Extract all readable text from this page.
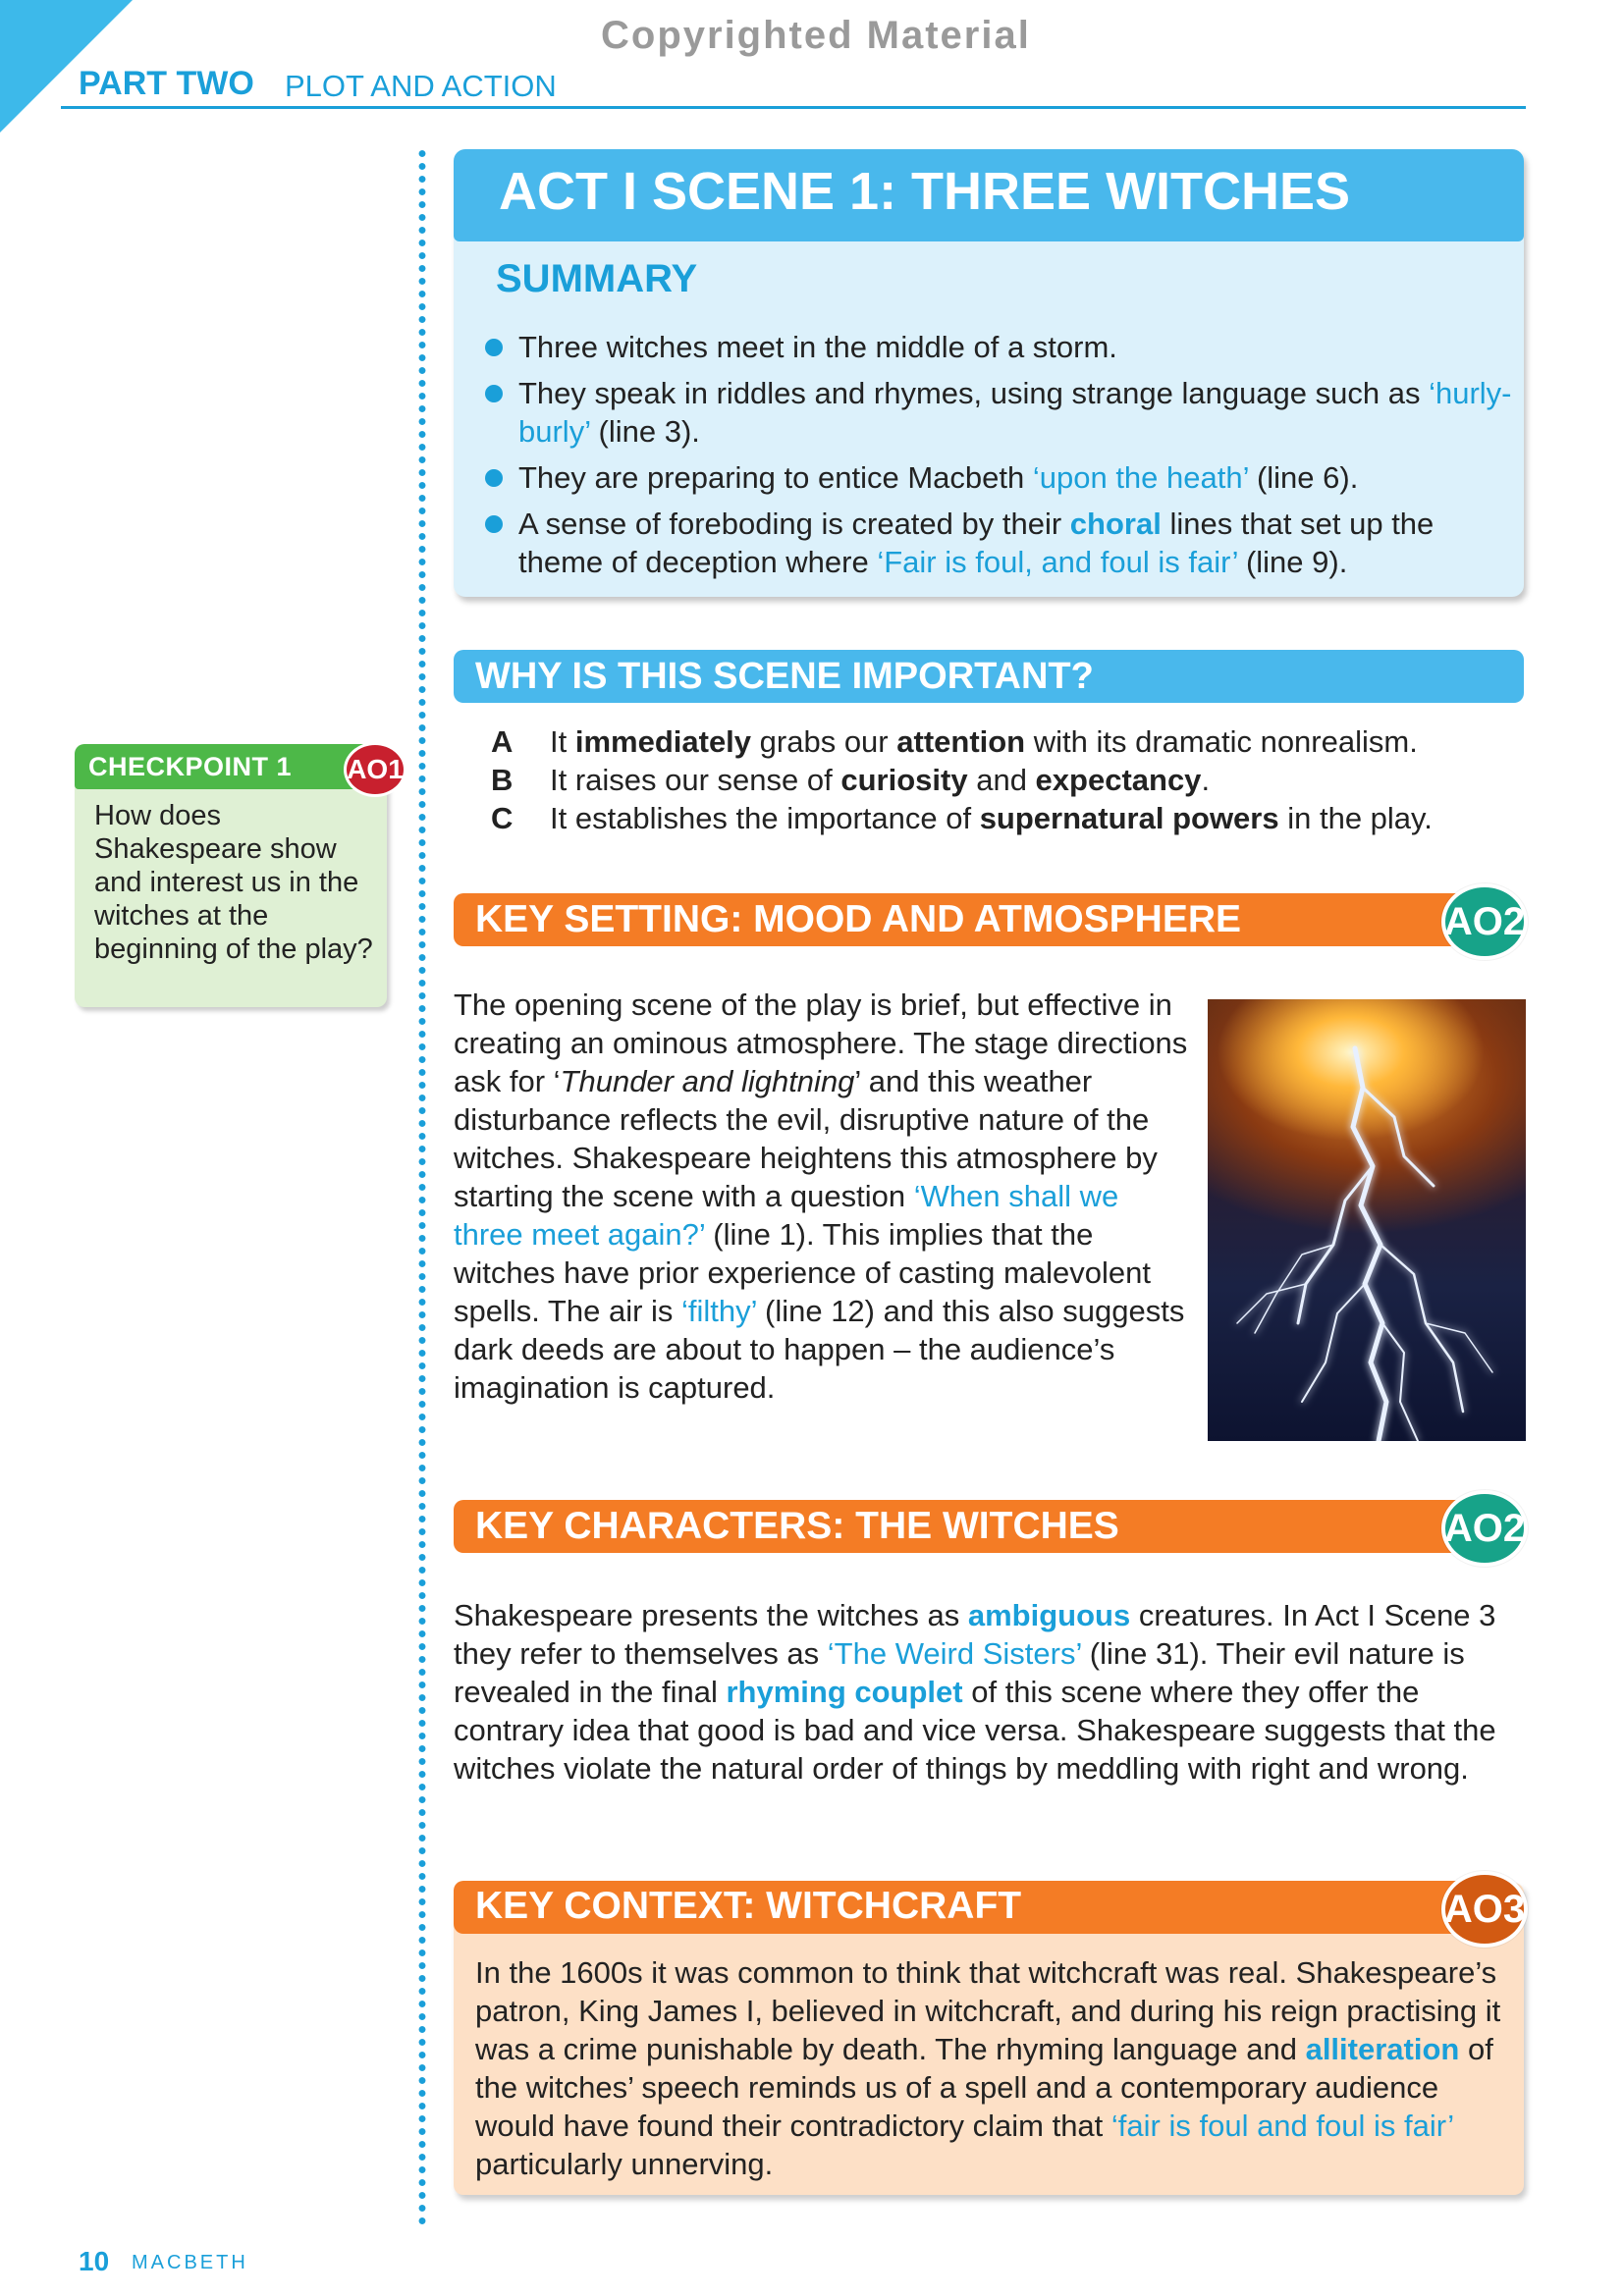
Copyrighted Material
PART TWO PLOT AND ACTION
ACT I SCENE 1: THREE WITCHES
SUMMARY
Three witches meet in the middle of a storm.
They speak in riddles and rhymes, using strange language such as ‘hurly-burly’ (line 3).
They are preparing to entice Macbeth ‘upon the heath’ (line 6).
A sense of foreboding is created by their choral lines that set up the theme of deception where ‘Fair is foul, and foul is fair’ (line 9).
WHY IS THIS SCENE IMPORTANT?
A It immediately grabs our attention with its dramatic nonrealism.
B It raises our sense of curiosity and expectancy.
C It establishes the importance of supernatural powers in the play.
CHECKPOINT 1 AO1
How does Shakespeare show and interest us in the witches at the beginning of the play?
KEY SETTING: MOOD AND ATMOSPHERE	AO2
The opening scene of the play is brief, but effective in creating an ominous atmosphere. The stage directions ask for ‘Thunder and lightning’ and this weather disturbance reflects the evil, disruptive nature of the witches. Shakespeare heightens this atmosphere by starting the scene with a question ‘When shall we three meet again?’ (line 1). This implies that the witches have prior experience of casting malevolent spells. The air is ‘filthy’ (line 12) and this also suggests dark deeds are about to happen – the audience’s imagination is captured.
KEY CHARACTERS: THE WITCHES	AO2
Shakespeare presents the witches as ambiguous creatures. In Act I Scene 3 they refer to themselves as ‘The Weird Sisters’ (line 31). Their evil nature is revealed in the final rhyming couplet of this scene where they offer the contrary idea that good is bad and vice versa. Shakespeare suggests that the witches violate the natural order of things by meddling with right and wrong.
KEY CONTEXT: WITCHCRAFT	AO3
In the 1600s it was common to think that witchcraft was real. Shakespeare’s patron, King James I, believed in witchcraft, and during his reign practising it was a crime punishable by death. The rhyming language and alliteration of the witches’ speech reminds us of a spell and a contemporary audience would have found their contradictory claim that ‘fair is foul and foul is fair’ particularly unnerving.
10 MACBETH
